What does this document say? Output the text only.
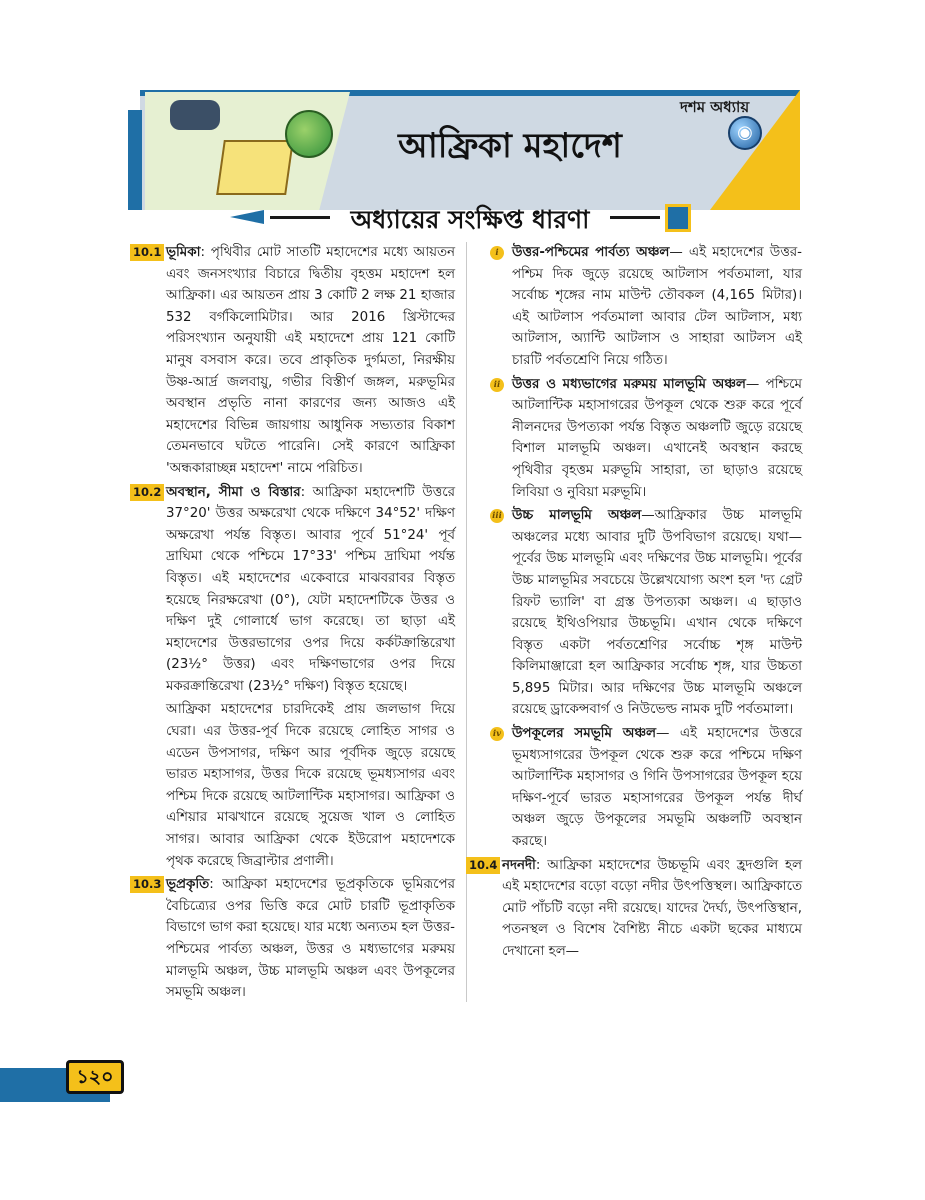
দশম অধ্যায়
আফ্রিকা মহাদেশ	◉
অধ্যায়ের সংক্ষিপ্ত ধারণা
10.1 ভূমিকা: পৃথিবীর মোট সাতটি মহাদেশের মধ্যে আয়তন এবং জনসংখ্যার বিচারে দ্বিতীয় বৃহত্তম মহাদেশ হল আফ্রিকা। এর আয়তন প্রায় 3 কোটি 2 লক্ষ 21 হাজার 532 বর্গকিলোমিটার। আর 2016 খ্রিস্টাব্দের পরিসংখ্যান অনুযায়ী এই মহাদেশে প্রায় 121 কোটি মানুষ বসবাস করে। তবে প্রাকৃতিক দুর্গমতা, নিরক্ষীয় উষ্ণ-আর্দ্র জলবায়ু, গভীর বিস্তীর্ণ জঙ্গল, মরুভূমির অবস্থান প্রভৃতি নানা কারণের জন্য আজও এই মহাদেশের বিভিন্ন জায়গায় আধুনিক সভ্যতার বিকাশ তেমনভাবে ঘটতে পারেনি। সেই কারণে আফ্রিকা 'অন্ধকারাচ্ছন্ন মহাদেশ' নামে পরিচিত।
10.2 অবস্থান, সীমা ও বিস্তার: আফ্রিকা মহাদেশটি উত্তরে 37°20' উত্তর অক্ষরেখা থেকে দক্ষিণে 34°52' দক্ষিণ অক্ষরেখা পর্যন্ত বিস্তৃত। আবার পূর্বে 51°24' পূর্ব দ্রাঘিমা থেকে পশ্চিমে 17°33' পশ্চিম দ্রাঘিমা পর্যন্ত বিস্তৃত। এই মহাদেশের একেবারে মাঝবরাবর বিস্তৃত হয়েছে নিরক্ষরেখা (0°), যেটা মহাদেশটিকে উত্তর ও দক্ষিণ দুই গোলার্ধে ভাগ করেছে। তা ছাড়া এই মহাদেশের উত্তরভাগের ওপর দিয়ে কর্কটক্রান্তিরেখা (23½° উত্তর) এবং দক্ষিণভাগের ওপর দিয়ে মকরক্রান্তিরেখা (23½° দক্ষিণ) বিস্তৃত হয়েছে।
আফ্রিকা মহাদেশের চারদিকেই প্রায় জলভাগ দিয়ে ঘেরা। এর উত্তর-পূর্ব দিকে রয়েছে লোহিত সাগর ও এডেন উপসাগর, দক্ষিণ আর পূর্বদিক জুড়ে রয়েছে ভারত মহাসাগর, উত্তর দিকে রয়েছে ভূমধ্যসাগর এবং পশ্চিম দিকে রয়েছে আটলান্টিক মহাসাগর। আফ্রিকা ও এশিয়ার মাঝখানে রয়েছে সুয়েজ খাল ও লোহিত সাগর। আবার আফ্রিকা থেকে ইউরোপ মহাদেশকে পৃথক করেছে জিব্রাল্টার প্রণালী।
10.3 ভূপ্রকৃতি: আফ্রিকা মহাদেশের ভূপ্রকৃতিকে ভূমিরূপের বৈচিত্র্যের ওপর ভিত্তি করে মোট চারটি ভূপ্রাকৃতিক বিভাগে ভাগ করা হয়েছে। যার মধ্যে অন্যতম হল উত্তর-পশ্চিমের পার্বত্য অঞ্চল, উত্তর ও মধ্যভাগের মরুময় মালভূমি অঞ্চল, উচ্চ মালভূমি অঞ্চল এবং উপকূলের সমভূমি অঞ্চল।
i উত্তর-পশ্চিমের পার্বত্য অঞ্চল— এই মহাদেশের উত্তর-পশ্চিম দিক জুড়ে রয়েছে আটলাস পর্বতমালা, যার সর্বোচ্চ শৃঙ্গের নাম মাউন্ট তৌবকল (4,165 মিটার)। এই আটলাস পর্বতমালা আবার টেল আটলাস, মধ্য আটলাস, অ্যান্টি আটলাস ও সাহারা আটলস এই চারটি পর্বতশ্রেণি নিয়ে গঠিত।
ii উত্তর ও মধ্যভাগের মরুময় মালভূমি অঞ্চল— পশ্চিমে আটলান্টিক মহাসাগরের উপকূল থেকে শুরু করে পূর্বে নীলনদের উপত্যকা পর্যন্ত বিস্তৃত অঞ্চলটি জুড়ে রয়েছে বিশাল মালভূমি অঞ্চল। এখানেই অবস্থান করছে পৃথিবীর বৃহত্তম মরুভূমি সাহারা, তা ছাড়াও রয়েছে লিবিয়া ও নুবিয়া মরুভূমি।
iii উচ্চ মালভূমি অঞ্চল—আফ্রিকার উচ্চ মালভূমি অঞ্চলের মধ্যে আবার দুটি উপবিভাগ রয়েছে। যথা—পূর্বের উচ্চ মালভূমি এবং দক্ষিণের উচ্চ মালভূমি। পূর্বের উচ্চ মালভূমির সবচেয়ে উল্লেখযোগ্য অংশ হল 'দ্য গ্রেট রিফট ভ্যালি' বা গ্রস্ত উপত্যকা অঞ্চল। এ ছাড়াও রয়েছে ইথিওপিয়ার উচ্চভূমি। এখান থেকে দক্ষিণে বিস্তৃত একটা পর্বতশ্রেণির সর্বোচ্চ শৃঙ্গ মাউন্ট কিলিমাঞ্জারো হল আফ্রিকার সর্বোচ্চ শৃঙ্গ, যার উচ্চতা 5,895 মিটার। আর দক্ষিণের উচ্চ মালভূমি অঞ্চলে রয়েছে ড্রাকেন্সবার্গ ও নিউভেল্ড নামক দুটি পর্বতমালা।
iv উপকূলের সমভূমি অঞ্চল— এই মহাদেশের উত্তরে ভূমধ্যসাগরের উপকূল থেকে শুরু করে পশ্চিমে দক্ষিণ আটলান্টিক মহাসাগর ও গিনি উপসাগরের উপকূল হয়ে দক্ষিণ-পূর্বে ভারত মহাসাগরের উপকূল পর্যন্ত দীর্ঘ অঞ্চল জুড়ে উপকূলের সমভূমি অঞ্চলটি অবস্থান করছে।
10.4 নদনদী: আফ্রিকা মহাদেশের উচ্চভূমি এবং হ্রদগুলি হল এই মহাদেশের বড়ো বড়ো নদীর উৎপত্তিস্থল। আফ্রিকাতে মোট পাঁচটি বড়ো নদী রয়েছে। যাদের দৈর্ঘ্য, উৎপত্তিস্থান, পতনস্থল ও বিশেষ বৈশিষ্ট্য নীচে একটা ছকের মাধ্যমে দেখানো হল—
১২০
